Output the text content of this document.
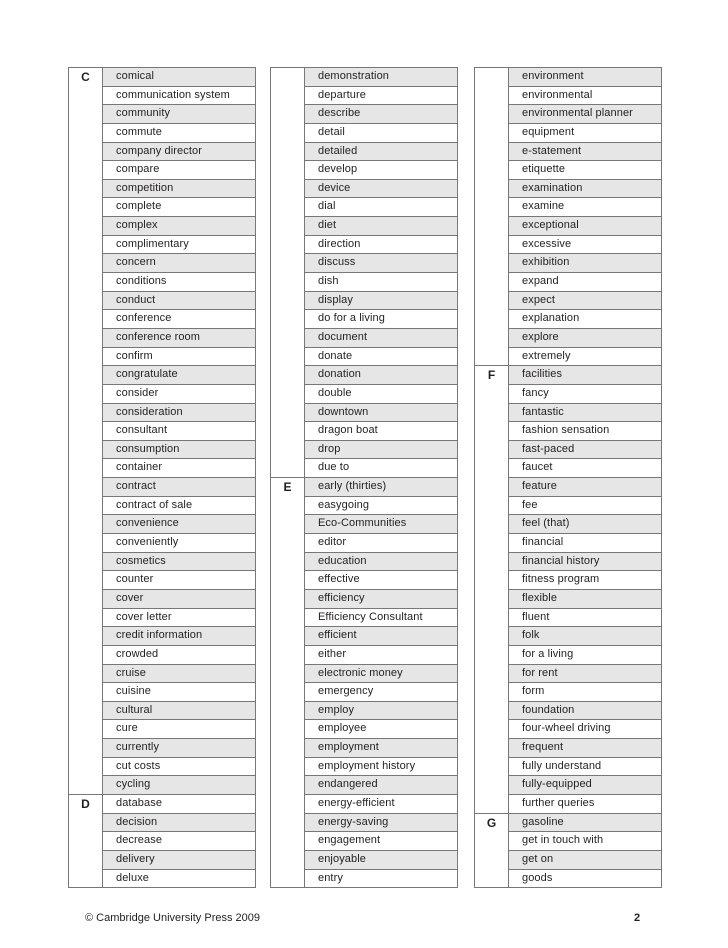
C	comical
communication system
community
commute
company director
compare
competition
complete
complex
complimentary
concern
conditions
conduct
conference
conference room
confirm
congratulate
consider
consideration
consultant
consumption
container
contract
contract of sale
convenience
conveniently
cosmetics
counter
cover
cover letter
credit information
crowded
cruise
cuisine
cultural
cure
currently
cut costs
cycling
D	database
decision
decrease
delivery
deluxe
demonstration
departure
describe
detail
detailed
develop
device
dial
diet
direction
discuss
dish
display
do for a living
document
donate
donation
double
downtown
dragon boat
drop
due to
E	early (thirties)
easygoing
Eco-Communities
editor
education
effective
efficiency
Efficiency Consultant
efficient
either
electronic money
emergency
employ
employee
employment
employment history
endangered
energy-efficient
energy-saving
engagement
enjoyable
entry
environment
environmental
environmental planner
equipment
e-statement
etiquette
examination
examine
exceptional
excessive
exhibition
expand
expect
explanation
explore
extremely
F	facilities
fancy
fantastic
fashion sensation
fast-paced
faucet
feature
fee
feel (that)
financial
financial history
fitness program
flexible
fluent
folk
for a living
for rent
form
foundation
four-wheel driving
frequent
fully understand
fully-equipped
further queries
G	gasoline
get in touch with
get on
goods
© Cambridge University Press 2009	2
